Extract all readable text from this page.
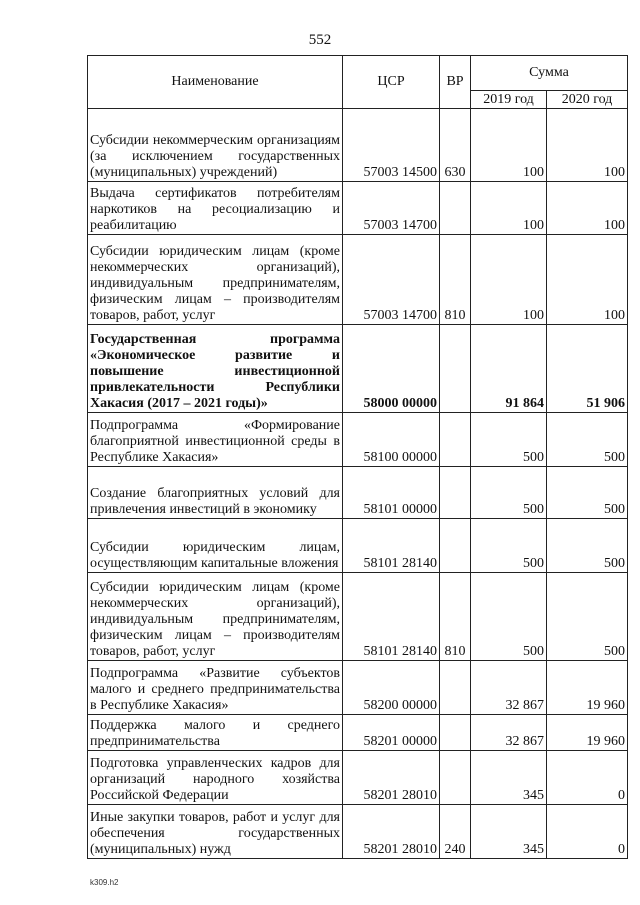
552
Наименование	ЦСР	ВР	Сумма	
			2019 год	2020 год
Субсидии некоммерческим организациям (за исключением государственных (муниципальных) учреждений)	57003 14500	630	100	100
Выдача сертификатов потребителям наркотиков на ресоциализацию и реабилитацию	57003 14700		100	100
Субсидии юридическим лицам (кроме некоммерческих организаций), индивидуальным предпринимателям, физическим лицам – производителям товаров, работ, услуг	57003 14700	810	100	100
Государственная программа «Экономическое развитие и повышение инвестиционной привлекательности Республики Хакасия (2017 – 2021 годы)»	58000 00000		91 864	51 906
Подпрограмма «Формирование благоприятной инвестиционной среды в Республике Хакасия»	58100 00000		500	500
Создание благоприятных условий для привлечения инвестиций в экономику	58101 00000		500	500
Субсидии юридическим лицам, осуществляющим капитальные вложения	58101 28140		500	500
Субсидии юридическим лицам (кроме некоммерческих организаций), индивидуальным предпринимателям, физическим лицам – производителям товаров, работ, услуг	58101 28140	810	500	500
Подпрограмма «Развитие субъектов малого и среднего предпринимательства в Республике Хакасия»	58200 00000		32 867	19 960
Поддержка малого и среднего предпринимательства	58201 00000		32 867	19 960
Подготовка управленческих кадров для организаций народного хозяйства Российской Федерации	58201 28010		345	0
Иные закупки товаров, работ и услуг для обеспечения государственных (муниципальных) нужд	58201 28010	240	345	0
k309.h2
